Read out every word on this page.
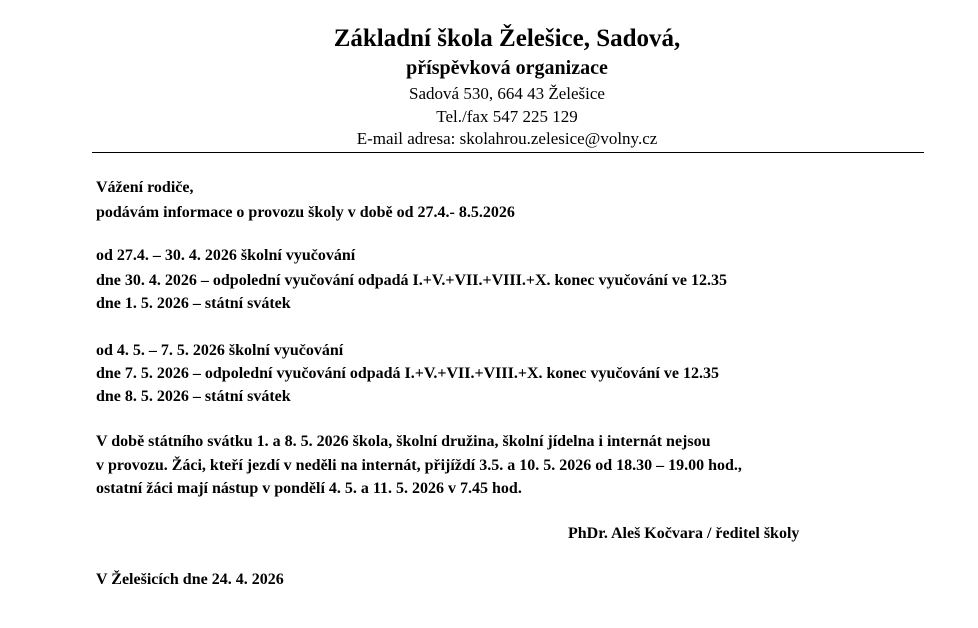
Základní škola Želešice, Sadová,
příspěvková organizace
Sadová 530, 664 43 Želešice
Tel./fax 547 225 129
E-mail adresa: skolahrou.zelesice@volny.cz
Vážení rodiče,
podávám informace o provozu školy v době od 27.4.- 8.5.2026
od 27.4. – 30. 4. 2026 školní vyučování
dne 30. 4. 2026 – odpolední vyučování odpadá I.+V.+VII.+VIII.+X. konec vyučování ve 12.35
dne 1. 5. 2026 – státní svátek
od 4. 5. – 7. 5. 2026 školní vyučování
dne 7. 5. 2026 – odpolední vyučování odpadá I.+V.+VII.+VIII.+X. konec vyučování ve 12.35
dne 8. 5. 2026 – státní svátek
V době státního svátku 1. a 8. 5. 2026 škola, školní družina, školní jídelna i internát nejsou
v provozu. Žáci, kteří jezdí v neděli na internát, přijíždí 3.5. a 10. 5. 2026 od 18.30 – 19.00 hod.,
ostatní žáci mají nástup v pondělí 4. 5. a 11. 5. 2026 v 7.45 hod.
PhDr. Aleš Kočvara / ředitel školy
V Želešicích dne 24. 4. 2026
